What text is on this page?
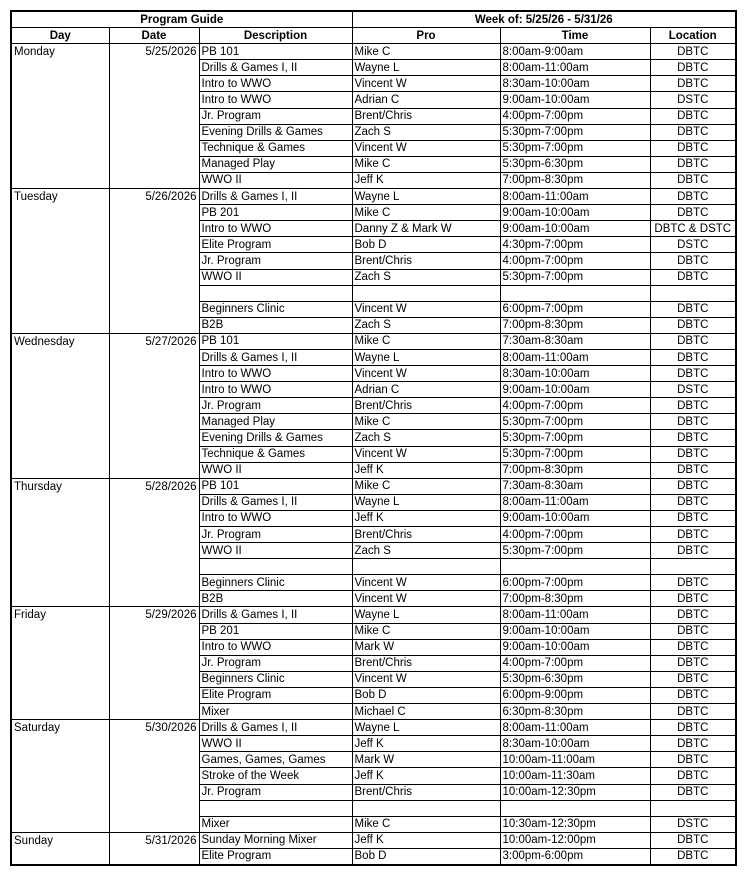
Program Guide			Week of: 5/25/26 - 5/31/26		
Day	Date	Description	Pro	Time	Location
Monday	5/25/2026	PB 101	Mike C	8:00am-9:00am	DBTC
		Drills & Games I, II	Wayne L	8:00am-11:00am	DBTC
		Intro to WWO	Vincent W	8:30am-10:00am	DBTC
		Intro to WWO	Adrian C	9:00am-10:00am	DSTC
		Jr. Program	Brent/Chris	4:00pm-7:00pm	DBTC
		Evening Drills & Games	Zach S	5:30pm-7:00pm	DBTC
		Technique & Games	Vincent W	5:30pm-7:00pm	DBTC
		Managed Play	Mike C	5:30pm-6:30pm	DBTC
		WWO II	Jeff K	7:00pm-8:30pm	DBTC
Tuesday	5/26/2026	Drills & Games I, II	Wayne L	8:00am-11:00am	DBTC
		PB 201	Mike C	9:00am-10:00am	DBTC
		Intro to WWO	Danny Z & Mark W	9:00am-10:00am	DBTC & DSTC
		Elite Program	Bob D	4:30pm-7:00pm	DSTC
		Jr. Program	Brent/Chris	4:00pm-7:00pm	DBTC
		WWO II	Zach S	5:30pm-7:00pm	DBTC

		Beginners Clinic	Vincent W	6:00pm-7:00pm	DBTC
		B2B	Zach S	7:00pm-8:30pm	DBTC
Wednesday	5/27/2026	PB 101	Mike C	7:30am-8:30am	DBTC
		Drills & Games I, II	Wayne L	8:00am-11:00am	DBTC
		Intro to WWO	Vincent W	8:30am-10:00am	DBTC
		Intro to WWO	Adrian C	9:00am-10:00am	DSTC
		Jr. Program	Brent/Chris	4:00pm-7:00pm	DBTC
		Managed Play	Mike C	5:30pm-7:00pm	DBTC
		Evening Drills & Games	Zach S	5:30pm-7:00pm	DBTC
		Technique & Games	Vincent W	5:30pm-7:00pm	DBTC
		WWO II	Jeff K	7:00pm-8:30pm	DBTC
Thursday	5/28/2026	PB 101	Mike C	7:30am-8:30am	DBTC
		Drills & Games I, II	Wayne L	8:00am-11:00am	DBTC
		Intro to WWO	Jeff K	9:00am-10:00am	DBTC
		Jr. Program	Brent/Chris	4:00pm-7:00pm	DBTC
		WWO II	Zach S	5:30pm-7:00pm	DBTC

		Beginners Clinic	Vincent W	6:00pm-7:00pm	DBTC
		B2B	Vincent W	7:00pm-8:30pm	DBTC
Friday	5/29/2026	Drills & Games I, II	Wayne L	8:00am-11:00am	DBTC
		PB 201	Mike C	9:00am-10:00am	DBTC
		Intro to WWO	Mark W	9:00am-10:00am	DBTC
		Jr. Program	Brent/Chris	4:00pm-7:00pm	DBTC
		Beginners Clinic	Vincent W	5:30pm-6:30pm	DBTC
		Elite Program	Bob D	6:00pm-9:00pm	DBTC
		Mixer	Michael C	6:30pm-8:30pm	DBTC
Saturday	5/30/2026	Drills & Games I, II	Wayne L	8:00am-11:00am	DBTC
		WWO II	Jeff K	8:30am-10:00am	DBTC
		Games, Games, Games	Mark W	10:00am-11:00am	DBTC
		Stroke of the Week	Jeff K	10:00am-11:30am	DBTC
		Jr. Program	Brent/Chris	10:00am-12:30pm	DBTC

		Mixer	Mike C	10:30am-12:30pm	DSTC
Sunday	5/31/2026	Sunday Morning Mixer	Jeff K	10:00am-12:00pm	DBTC
		Elite Program	Bob D	3:00pm-6:00pm	DBTC
